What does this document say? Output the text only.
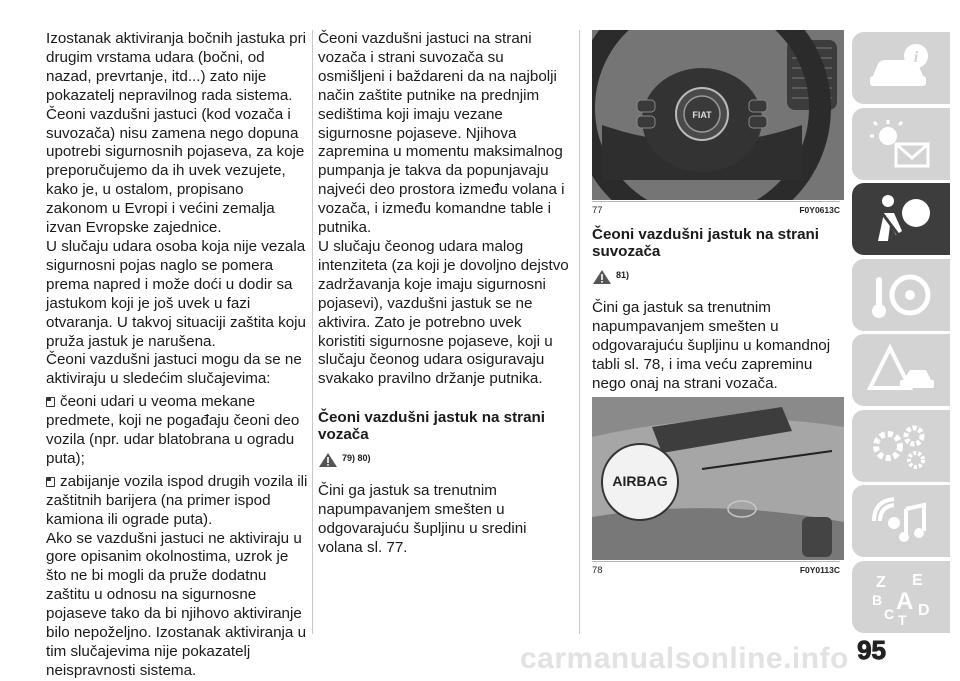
Izostanak aktiviranja bočnih jastuka pri drugim vrstama udara (bočni, od nazad, prevrtanje, itd...) zato nije pokazatelj nepravilnog rada sistema.

Čeoni vazdušni jastuci (kod vozača i suvozača) nisu zamena nego dopuna upotrebi sigurnosnih pojaseva, za koje preporučujemo da ih uvek vezujete, kako je, u ostalom, propisano zakonom u Evropi i većini zemalja izvan Evropske zajednice.

U slučaju udara osoba koja nije vezala sigurnosni pojas naglo se pomera prema napred i može doći u dodir sa jastukom koji je još uvek u fazi otvaranja. U takvoj situaciji zaštita koju pruža jastuk je narušena.

Čeoni vazdušni jastuci mogu da se ne aktiviraju u sledećim slučajevima:

čeoni udari u veoma mekane predmete, koji ne pogađaju čeoni deo vozila (npr. udar blatobrana u ogradu puta);

zabijanje vozila ispod drugih vozila ili zaštitnih barijera (na primer ispod kamiona ili ograde puta).

Ako se vazdušni jastuci ne aktiviraju u gore opisanim okolnostima, uzrok je što ne bi mogli da pruže dodatnu zaštitu u odnosu na sigurnosne pojaseve tako da bi njihovo aktiviranje bilo nepoželjno. Izostanak aktiviranja u tim slučajevima nije pokazatelj neispravnosti sistema.

Čeoni vazdušni jastuci na strani vozača i strani suvozača su osmišljeni i baždareni da na najbolji način zaštite putnike na prednjim sedištima koji imaju vezane sigurnosne pojaseve. Njihova zapremina u momentu maksimalnog pumpanja je takva da popunjavaju najveći deo prostora između volana i vozača, i između komandne table i putnika.

U slučaju čeonog udara malog intenziteta (za koji je dovoljno dejstvo zadržavanja koje imaju sigurnosni pojasevi), vazdušni jastuk se ne aktivira. Zato je potrebno uvek koristiti sigurnosne pojaseve, koji u slučaju čeonog udara osiguravaju svakako pravilno držanje putnika.

Čeoni vazdušni jastuk na strani vozača

79) 80)

Čini ga jastuk sa trenutnim napumpavanjem smešten u odgovarajuću šupljinu u sredini volana sl. 77.

FIAT
77	F0Y0613C

Čeoni vazdušni jastuk na strani suvozača

81)

Čini ga jastuk sa trenutnim napumpavanjem smešten u odgovarajuću šupljinu u komandnoj tabli sl. 78, i ima veću zapreminu nego onaj na strani vozača.

AIRBAG
78	F0Y0113C
i
Z E
B A
C T
D
carmanualsonline.info 95
